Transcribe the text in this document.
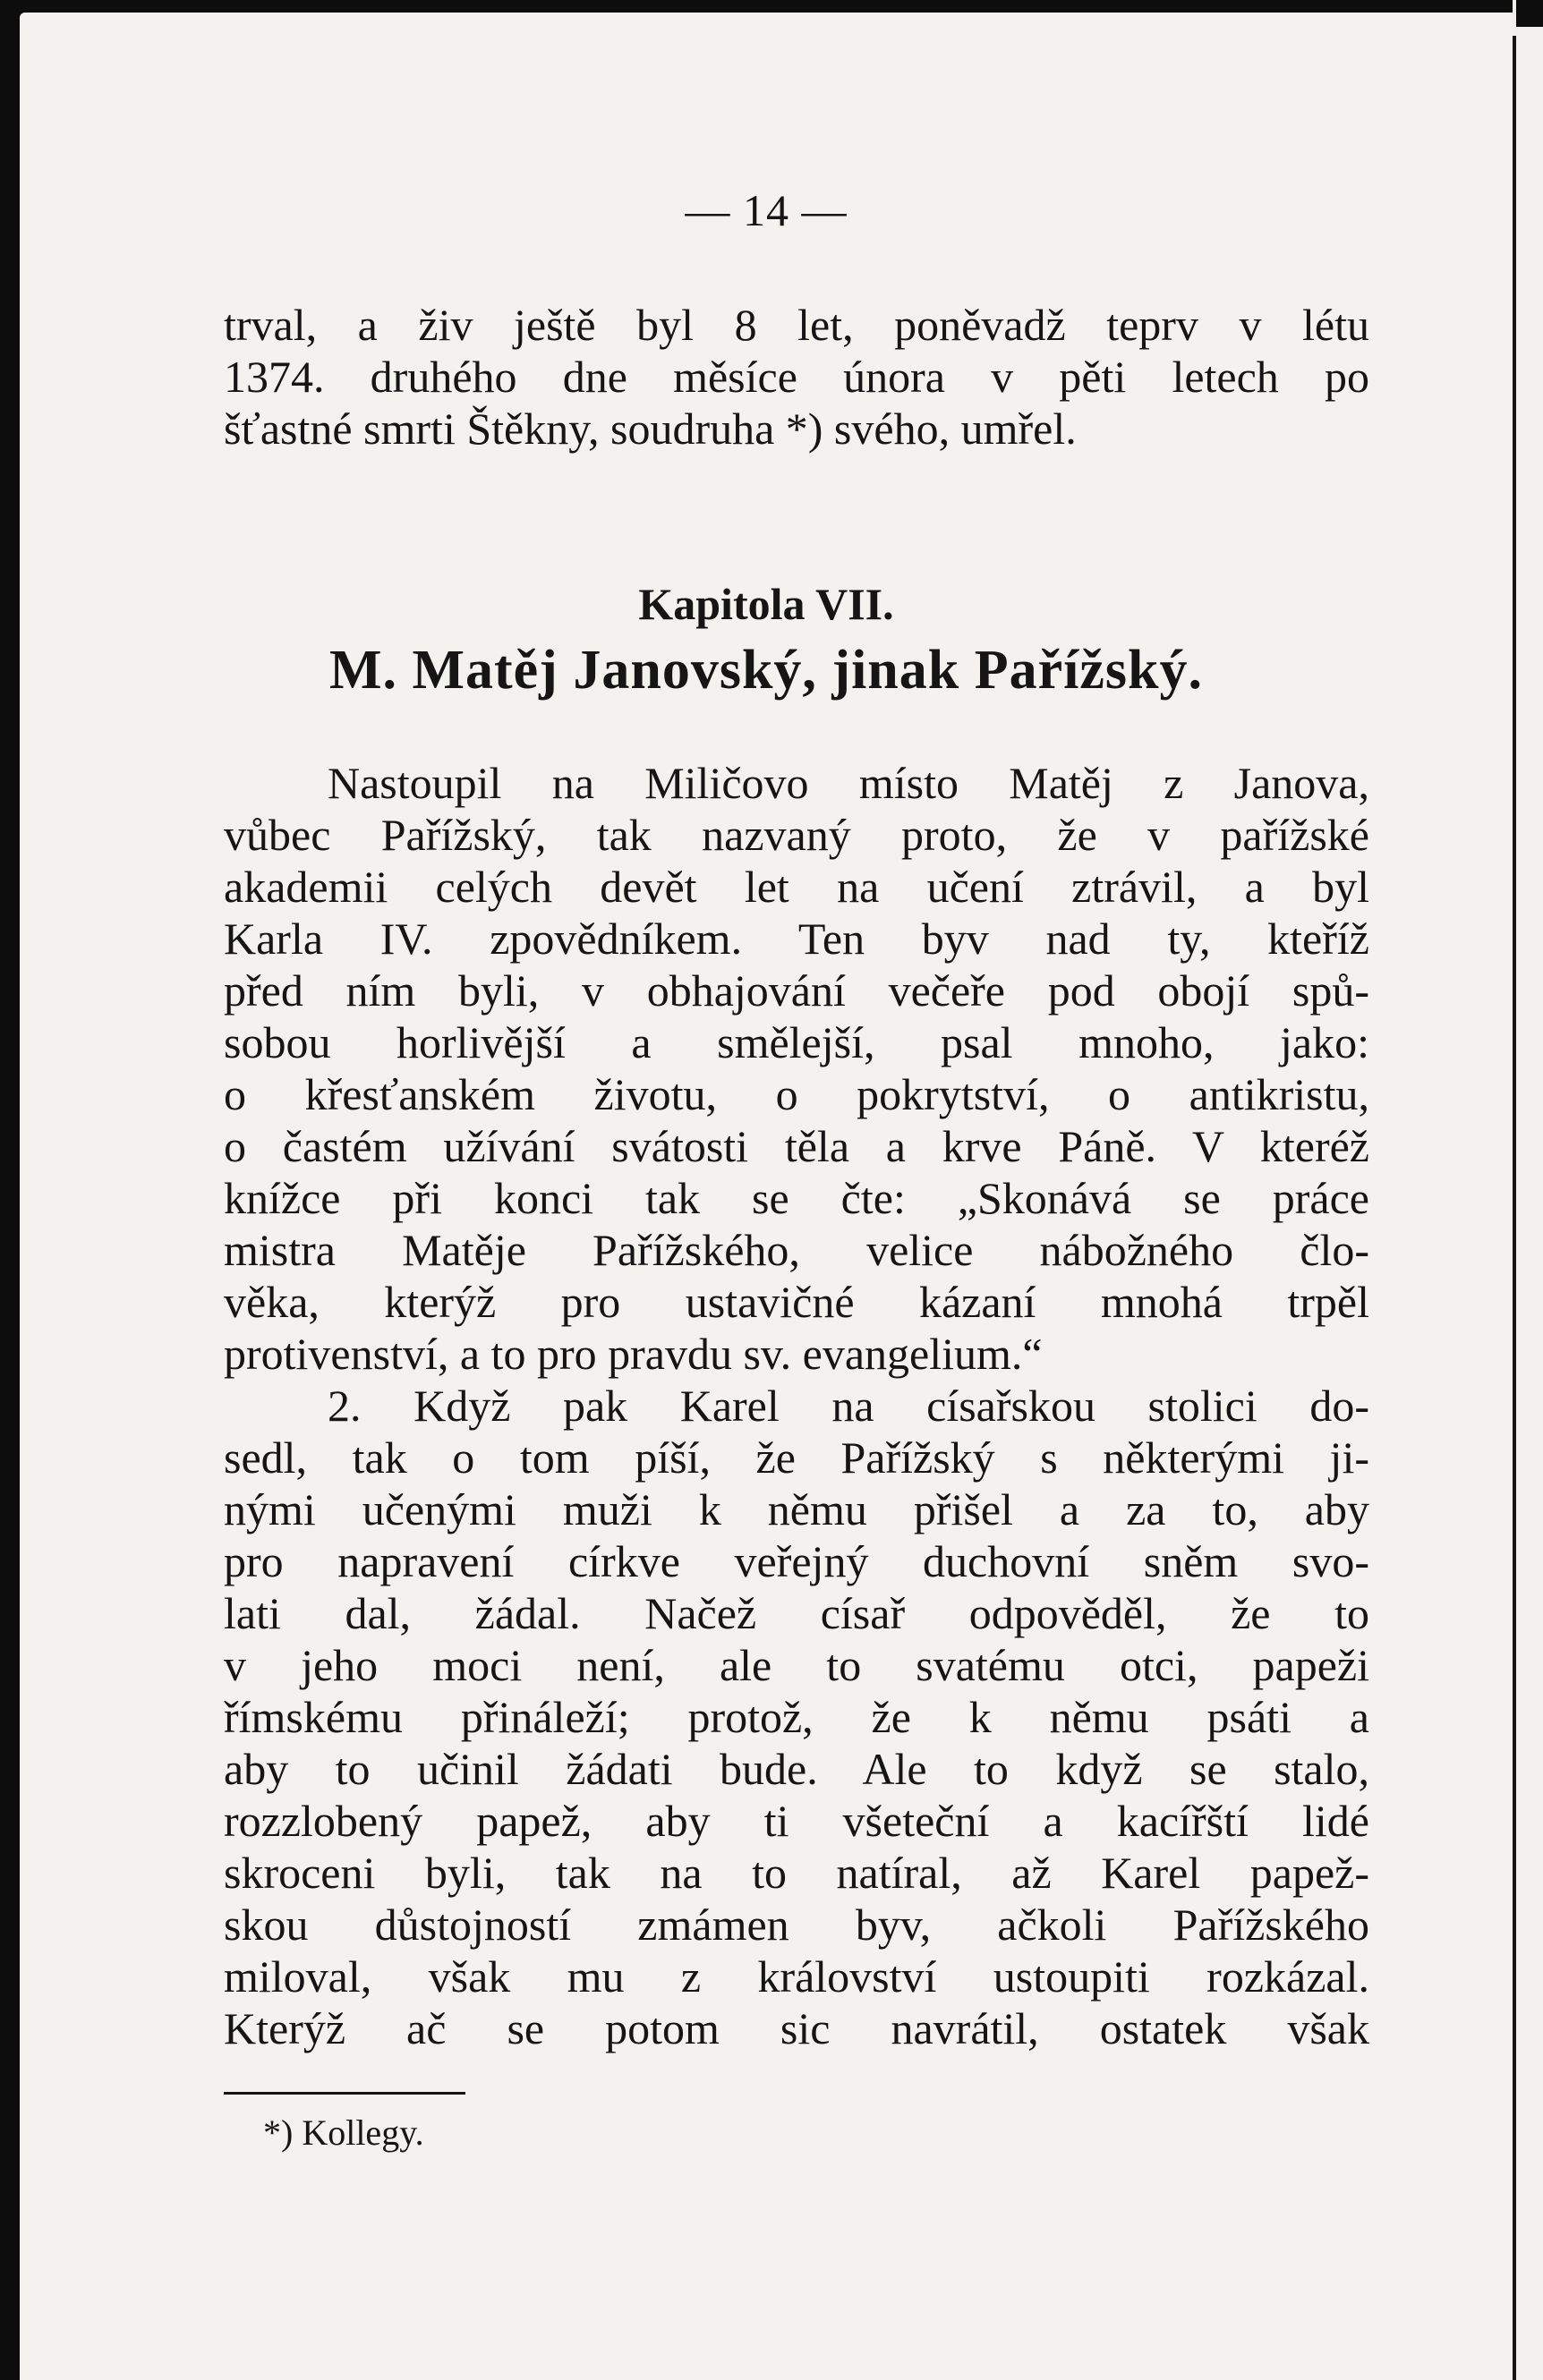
— 14 —
trval, a živ ještě byl 8 let, poněvadž teprv v létu
1374. druhého dne měsíce února v pěti letech po
šťastné smrti Štěkny, soudruha *) svého, umřel.
Kapitola VII.
M. Matěj Janovský, jinak Pařížský.
Nastoupil na Miličovo místo Matěj z Janova,
vůbec Pařížský, tak nazvaný proto, že v pařížské
akademii celých devět let na učení ztrávil, a byl
Karla IV. zpovědníkem. Ten byv nad ty, kteříž
před ním byli, v obhajování večeře pod obojí spů-
sobou horlivější a smělejší, psal mnoho, jako:
o křesťanském životu, o pokrytství, o antikristu,
o častém užívání svátosti těla a krve Páně. V kteréž
knížce při konci tak se čte: „Skonává se práce
mistra Matěje Pařížského, velice nábožného člo-
věka, kterýž pro ustavičné kázaní mnohá trpěl
protivenství, a to pro pravdu sv. evangelium.“
2. Když pak Karel na císařskou stolici do-
sedl, tak o tom píší, že Pařížský s některými ji-
nými učenými muži k němu přišel a za to, aby
pro napravení církve veřejný duchovní sněm svo-
lati dal, žádal. Načež císař odpověděl, že to
v jeho moci není, ale to svatému otci, papeži
římskému přináleží; protož, že k němu psáti a
aby to učinil žádati bude. Ale to když se stalo,
rozzlobený papež, aby ti všeteční a kacířští lidé
skroceni byli, tak na to natíral, až Karel papež-
skou důstojností zmámen byv, ačkoli Pařížského
miloval, však mu z království ustoupiti rozkázal.
Kterýž ač se potom sic navrátil, ostatek však
*) Kollegy.
